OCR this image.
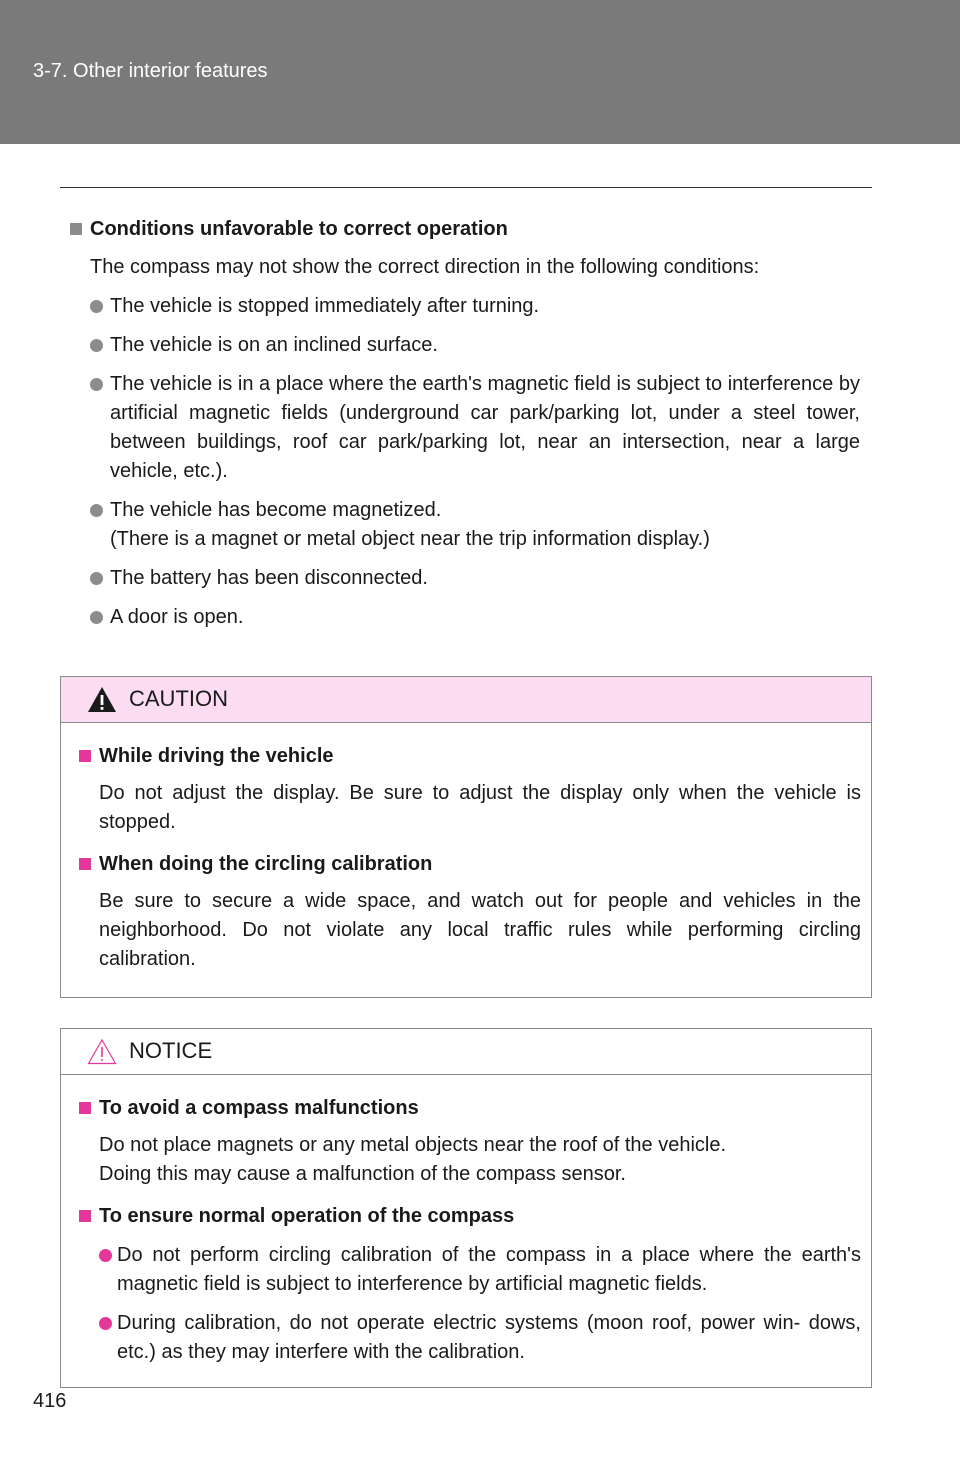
3-7. Other interior features
Conditions unfavorable to correct operation
The compass may not show the correct direction in the following conditions:
The vehicle is stopped immediately after turning.
The vehicle is on an inclined surface.
The vehicle is in a place where the earth's magnetic field is subject to interference by artificial magnetic fields (underground car park/parking lot, under a steel tower, between buildings, roof car park/parking lot, near an intersection, near a large vehicle, etc.).
The vehicle has become magnetized.
(There is a magnet or metal object near the trip information display.)
The battery has been disconnected.
A door is open.
CAUTION
While driving the vehicle
Do not adjust the display. Be sure to adjust the display only when the vehicle is stopped.
When doing the circling calibration
Be sure to secure a wide space, and watch out for people and vehicles in the neighborhood. Do not violate any local traffic rules while performing circling calibration.
NOTICE
To avoid a compass malfunctions
Do not place magnets or any metal objects near the roof of the vehicle.
Doing this may cause a malfunction of the compass sensor.
To ensure normal operation of the compass
Do not perform circling calibration of the compass in a place where the earth's magnetic field is subject to interference by artificial magnetic fields.
During calibration, do not operate electric systems (moon roof, power win- dows, etc.) as they may interfere with the calibration.
416
